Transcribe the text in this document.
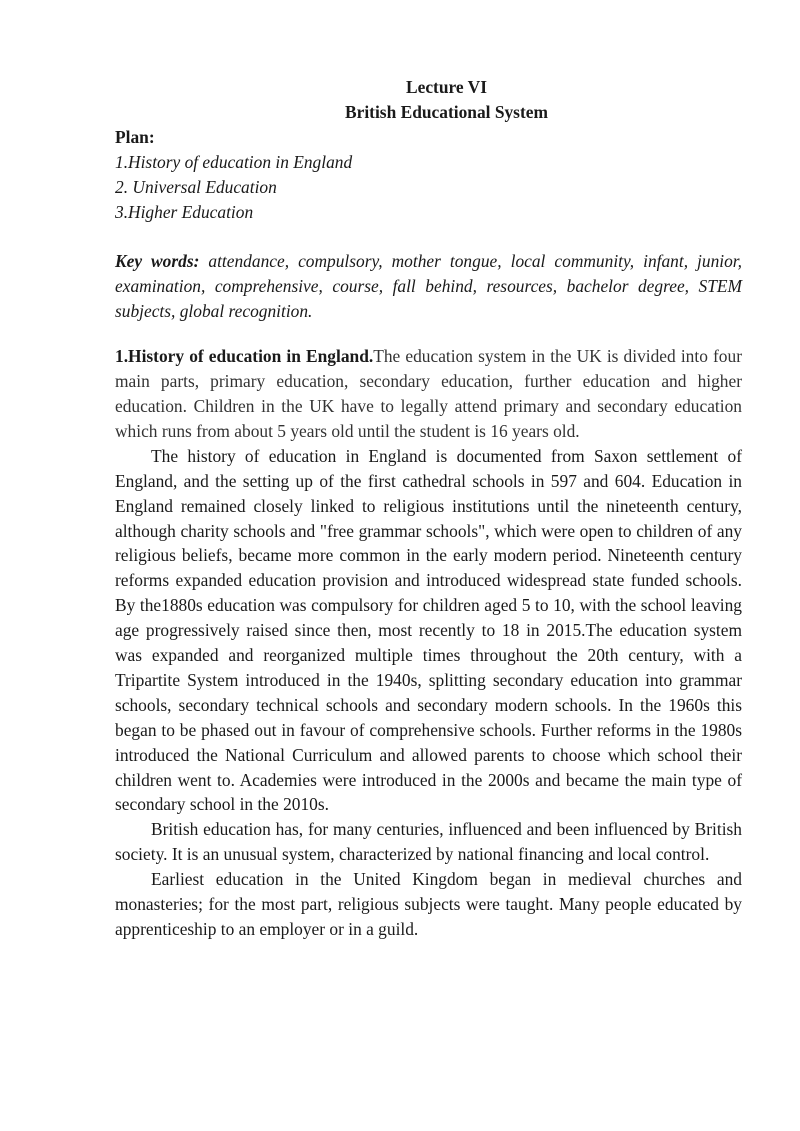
Lecture VI

British Educational System

Plan:

1.History of education in England

2. Universal Education

3.Higher Education

Key words: attendance, compulsory, mother tongue, local community, infant, junior, examination, comprehensive, course, fall behind, resources, bachelor degree, STEM subjects, global recognition.

1.History of education in England.The education system in the UK is divided into four main parts, primary education, secondary education, further education and higher education. Children in the UK have to legally attend primary and secondary education which runs from about 5 years old until the student is 16 years old.

The history of education in England is documented from Saxon settlement of England, and the setting up of the first cathedral schools in 597 and 604. Education in England remained closely linked to religious institutions until the nineteenth century, although charity schools and "free grammar schools", which were open to children of any religious beliefs, became more common in the early modern period. Nineteenth century reforms expanded education provision and introduced widespread state funded schools. By the1880s education was compulsory for children aged 5 to 10, with the school leaving age progressively raised since then, most recently to 18 in 2015.The education system was expanded and reorganized multiple times throughout the 20th century, with a Tripartite System introduced in the 1940s, splitting secondary education into grammar schools, secondary technical schools and secondary modern schools. In the 1960s this began to be phased out in favour of comprehensive schools. Further reforms in the 1980s introduced the National Curriculum and allowed parents to choose which school their children went to. Academies were introduced in the 2000s and became the main type of secondary school in the 2010s.

British education has, for many centuries, influenced and been influenced by British society. It is an unusual system, characterized by national financing and local control.

Earliest education in the United Kingdom began in medieval churches and monasteries; for the most part, religious subjects were taught. Many people educated by apprenticeship to an employer or in a guild.
